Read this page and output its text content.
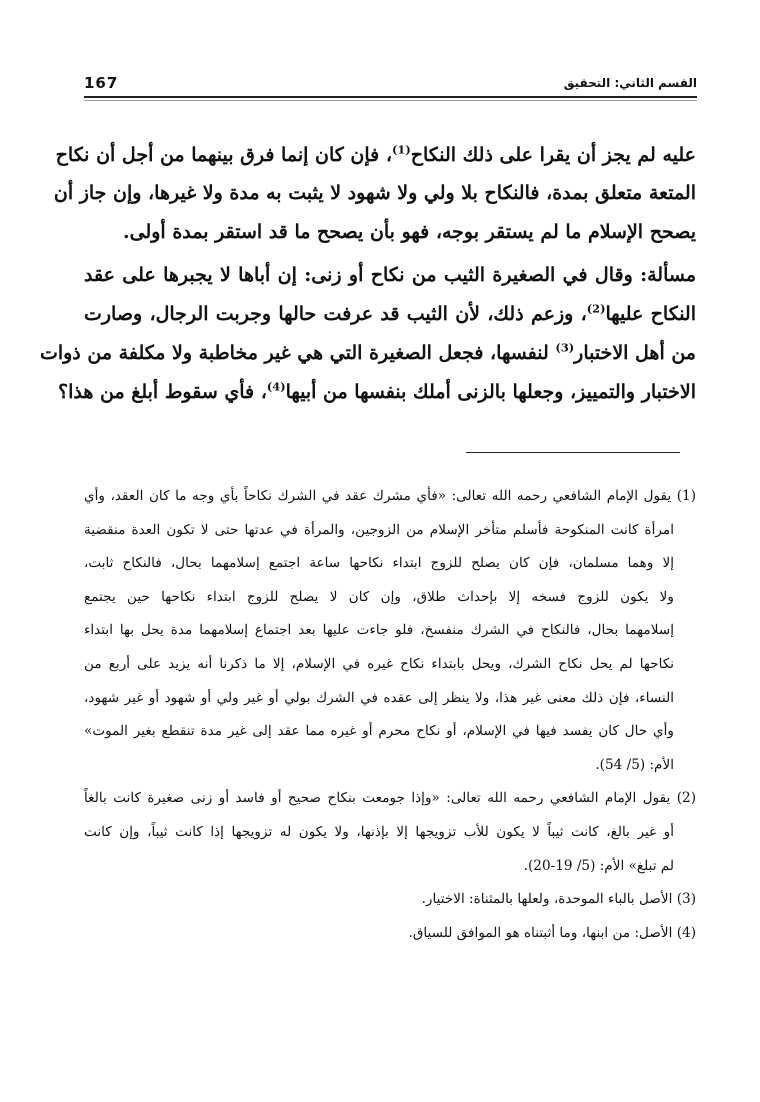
167	القسم الثاني: التحقيق
عليه لم يجز أن يقرا على ذلك النكاح$^{(1)}$، فإن كان إنما فرق بينهما من أجل أن نكاح
المتعة متعلق بمدة، فالنكاح بلا ولي ولا شهود لا يثبت به مدة ولا غيرها، وإن جاز أن
يصحح الإسلام ما لم يستقر بوجه، فهو بأن يصحح ما قد استقر بمدة أولى.
مسألة: وقال في الصغيرة الثيب من نكاح أو زنى: إن أباها لا يجبرها على عقد
النكاح عليها$^{(2)}$، وزعم ذلك، لأن الثيب قد عرفت حالها وجربت الرجال، وصارت
من أهل الاختبار$^{(3)}$ لنفسها، فجعل الصغيرة التي هي غير مخاطبة ولا مكلفة من ذوات
الاختبار والتمييز، وجعلها بالزنى أملك بنفسها من أبيها$^{(4)}$، فأي سقوط أبلغ من هذا؟
(1) يقول الإمام الشافعي رحمه الله تعالى: «فأي مشرك عقد في الشرك نكاحاً بأي وجه ما كان العقد، وأي
امرأة كانت المنكوحة فأسلم متأخر الإسلام من الزوجين، والمرأة في عدتها حتى لا تكون العدة منقضية
إلا وهما مسلمان، فإن كان يصلح للزوج ابتداء نكاحها ساعة اجتمع إسلامهما بحال، فالنكاح ثابت،
ولا يكون للزوج فسخه إلا بإحداث طلاق، وإن كان لا يصلح للزوج ابتداء نكاحها حين يجتمع
إسلامهما بحال، فالنكاح في الشرك منفسخ، فلو جاءت عليها بعد اجتماع إسلامهما مدة يحل بها ابتداء
نكاحها لم يحل نكاح الشرك، ويحل بابتداء نكاح غيره في الإسلام، إلا ما ذكرنا أنه يزيد على أربع من
النساء، فإن ذلك معنى غير هذا، ولا ينظر إلى عقده في الشرك بولي أو غير ولي أو شهود أو غير شهود،
وأي حال كان يفسد فيها في الإسلام، أو نكاح محرم أو غيره مما عقد إلى غير مدة تنقطع بغير الموت»
الأم: (5/ 54).
(2) يقول الإمام الشافعي رحمه الله تعالى: «وإذا جومعت بنكاح صحيح أو فاسد أو زنى صغيرة كانت بالغاً
أو غير بالغ، كانت ثيباً لا يكون للأب تزويجها إلا بإذنها، ولا يكون له تزويجها إذا كانت ثيباً، وإن كانت
لم تبلغ» الأم: (5/ 19-20).
(3) الأصل بالباء الموحدة، ولعلها بالمثناة: الاختيار.
(4) الأصل: من ابنها، وما أثبتناه هو الموافق للسياق.
